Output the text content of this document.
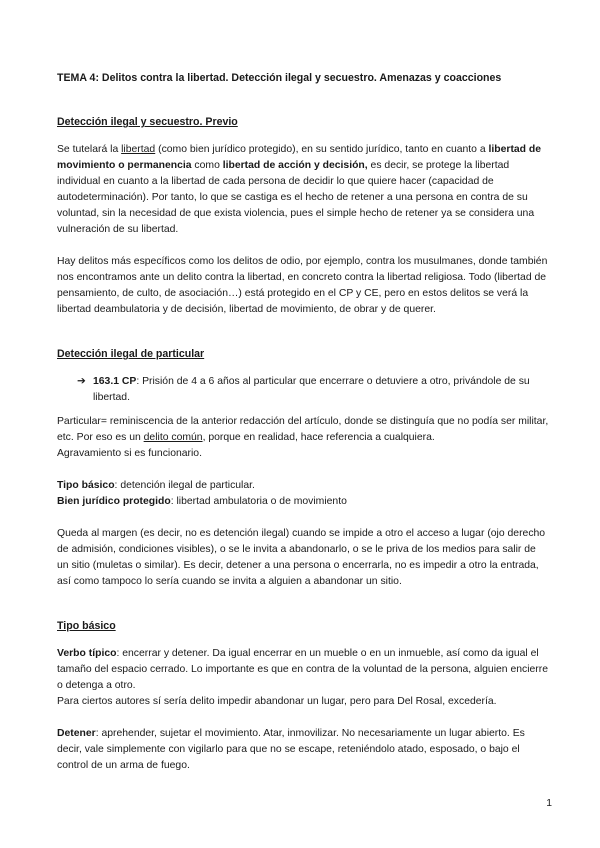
TEMA 4: Delitos contra la libertad. Detección ilegal y secuestro. Amenazas y coacciones

Detección ilegal y secuestro. Previo

Se tutelará la libertad (como bien jurídico protegido), en su sentido jurídico, tanto en cuanto a libertad de movimiento o permanencia como libertad de acción y decisión, es decir, se protege la libertad individual en cuanto a la libertad de cada persona de decidir lo que quiere hacer (capacidad de autodeterminación). Por tanto, lo que se castiga es el hecho de retener a una persona en contra de su voluntad, sin la necesidad de que exista violencia, pues el simple hecho de retener ya se considera una vulneración de su libertad.

Hay delitos más específicos como los delitos de odio, por ejemplo, contra los musulmanes, donde también nos encontramos ante un delito contra la libertad, en concreto contra la libertad religiosa. Todo (libertad de pensamiento, de culto, de asociación…) está protegido en el CP y CE, pero en estos delitos se verá la libertad deambulatoria y de decisión, libertad de movimiento, de obrar y de querer.

Detección ilegal de particular

➔ 163.1 CP: Prisión de 4 a 6 años al particular que encerrare o detuviere a otro, privándole de su libertad.

Particular= reminiscencia de la anterior redacción del artículo, donde se distinguía que no podía ser militar, etc. Por eso es un delito común, porque en realidad, hace referencia a cualquiera.
Agravamiento si es funcionario.

Tipo básico: detención ilegal de particular.
Bien jurídico protegido: libertad ambulatoria o de movimiento

Queda al margen (es decir, no es detención ilegal) cuando se impide a otro el acceso a lugar (ojo derecho de admisión, condiciones visibles), o se le invita a abandonarlo, o se le priva de los medios para salir de un sitio (muletas o similar). Es decir, detener a una persona o encerrarla, no es impedir a otro la entrada, así como tampoco lo sería cuando se invita a alguien a abandonar un sitio.

Tipo básico

Verbo típico: encerrar y detener. Da igual encerrar en un mueble o en un inmueble, así como da igual el tamaño del espacio cerrado. Lo importante es que en contra de la voluntad de la persona, alguien encierre o detenga a otro.
Para ciertos autores sí sería delito impedir abandonar un lugar, pero para Del Rosal, excedería.

Detener: aprehender, sujetar el movimiento. Atar, inmovilizar. No necesariamente un lugar abierto. Es decir, vale simplemente con vigilarlo para que no se escape, reteniéndolo atado, esposado, o bajo el control de un arma de fuego.

1
